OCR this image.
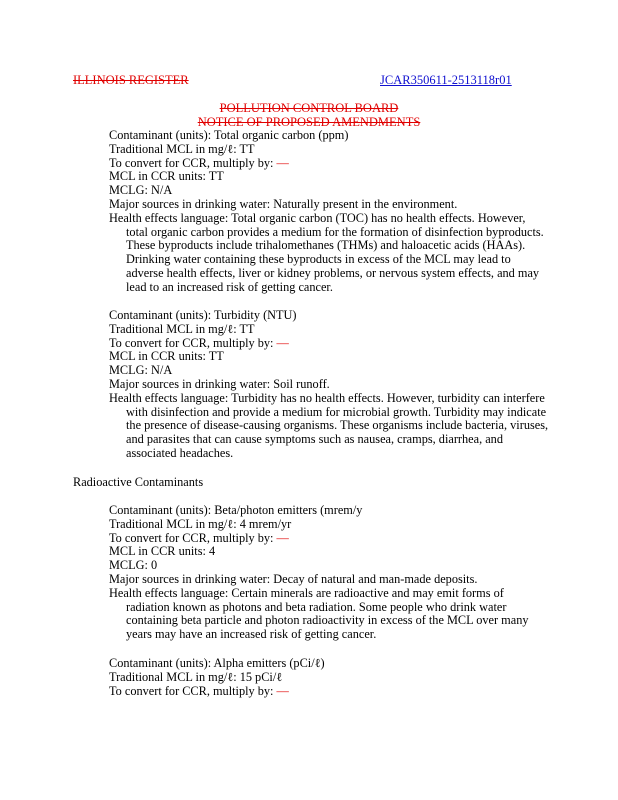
ILLINOIS REGISTER	JCAR350611-2513118r01
POLLUTION CONTROL BOARD
NOTICE OF PROPOSED AMENDMENTS
Contaminant (units): Total organic carbon (ppm)
Traditional MCL in mg/ℓ: TT
To convert for CCR, multiply by: —
MCL in CCR units: TT
MCLG: N/A
Major sources in drinking water: Naturally present in the environment.
Health effects language: Total organic carbon (TOC) has no health effects. However,
total organic carbon provides a medium for the formation of disinfection byproducts.
These byproducts include trihalomethanes (THMs) and haloacetic acids (HAAs).
Drinking water containing these byproducts in excess of the MCL may lead to
adverse health effects, liver or kidney problems, or nervous system effects, and may
lead to an increased risk of getting cancer.
Contaminant (units): Turbidity (NTU)
Traditional MCL in mg/ℓ: TT
To convert for CCR, multiply by: —
MCL in CCR units: TT
MCLG: N/A
Major sources in drinking water: Soil runoff.
Health effects language: Turbidity has no health effects. However, turbidity can interfere
with disinfection and provide a medium for microbial growth. Turbidity may indicate
the presence of disease-causing organisms. These organisms include bacteria, viruses,
and parasites that can cause symptoms such as nausea, cramps, diarrhea, and
associated headaches.
Radioactive Contaminants
Contaminant (units): Beta/photon emitters (mrem/y
Traditional MCL in mg/ℓ: 4 mrem/yr
To convert for CCR, multiply by: —
MCL in CCR units: 4
MCLG: 0
Major sources in drinking water: Decay of natural and man-made deposits.
Health effects language: Certain minerals are radioactive and may emit forms of
radiation known as photons and beta radiation. Some people who drink water
containing beta particle and photon radioactivity in excess of the MCL over many
years may have an increased risk of getting cancer.
Contaminant (units): Alpha emitters (pCi/ℓ)
Traditional MCL in mg/ℓ: 15 pCi/ℓ
To convert for CCR, multiply by: —
